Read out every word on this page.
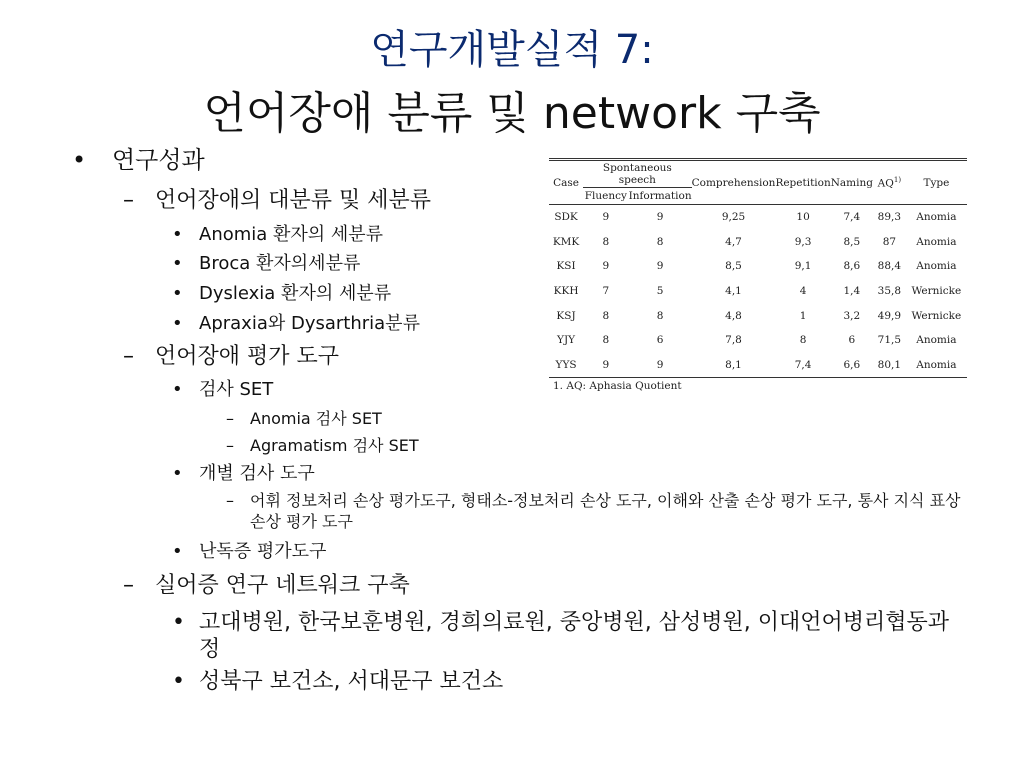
연구개발실적 7:
언어장애 분류 및 network 구축
• 연구성과
– 언어장애의 대분류 및 세분류
• Anomia 환자의 세분류
• Broca 환자의세분류
• Dyslexia 환자의 세분류
• Apraxia와 Dysarthria분류
– 언어장애 평가 도구
• 검사 SET
– Anomia 검사 SET
– Agramatism 검사 SET
• 개별 검사 도구
– 어휘 정보처리 손상 평가도구, 형태소-정보처리 손상 도구, 이해와 산출 손상 평가 도구, 통사 지식 표상 손상 평가 도구
• 난독증 평가도구
– 실어증 연구 네트워크 구축
• 고대병원, 한국보훈병원, 경희의료원, 중앙병원, 삼성병원, 이대언어병리협동과정
• 성북구 보건소, 서대문구 보건소
Case	Spontaneous speech		Comprehension	Repetition	Naming	AQ$^{1)}$	Type
	Fluency	Information					
SDK	9	9	9,25	10	7,4	89,3	Anomia
KMK	8	8	4,7	9,3	8,5	87	Anomia
KSI	9	9	8,5	9,1	8,6	88,4	Anomia
KKH	7	5	4,1	4	1,4	35,8	Wernicke
KSJ	8	8	4,8	1	3,2	49,9	Wernicke
YJY	8	6	7,8	8	6	71,5	Anomia
YYS	9	9	8,1	7,4	6,6	80,1	Anomia
1. AQ: Aphasia Quotient
